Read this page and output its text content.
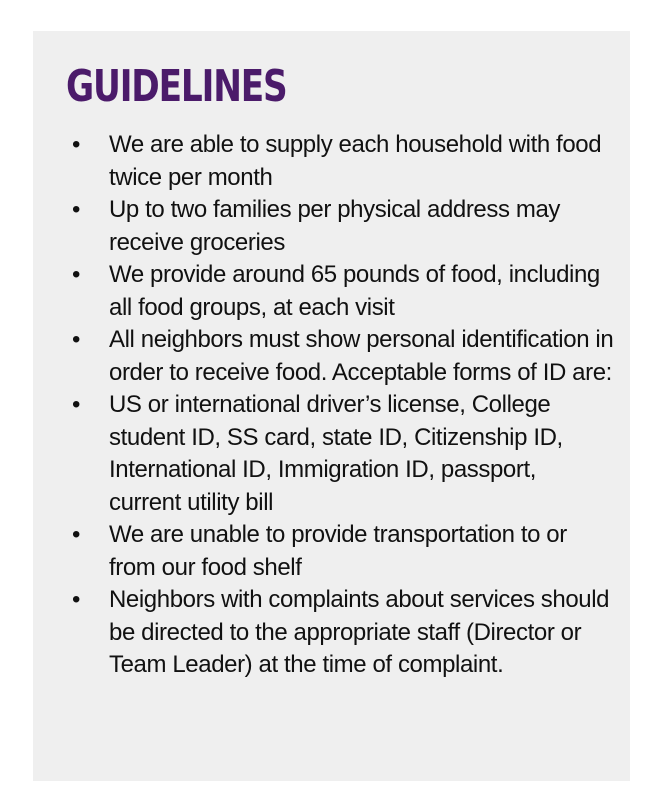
GUIDELINES
• We are able to supply each household with food twice per month
• Up to two families per physical address may receive groceries
• We provide around 65 pounds of food, including all food groups, at each visit
• All neighbors must show personal identification in order to receive food. Acceptable forms of ID are:
• US or international driver’s license, College student ID, SS card, state ID, Citizenship ID, International ID, Immigration ID, passport, current utility bill
• We are unable to provide transportation to or from our food shelf
• Neighbors with complaints about services should be directed to the appropriate staff (Director or Team Leader) at the time of complaint.
